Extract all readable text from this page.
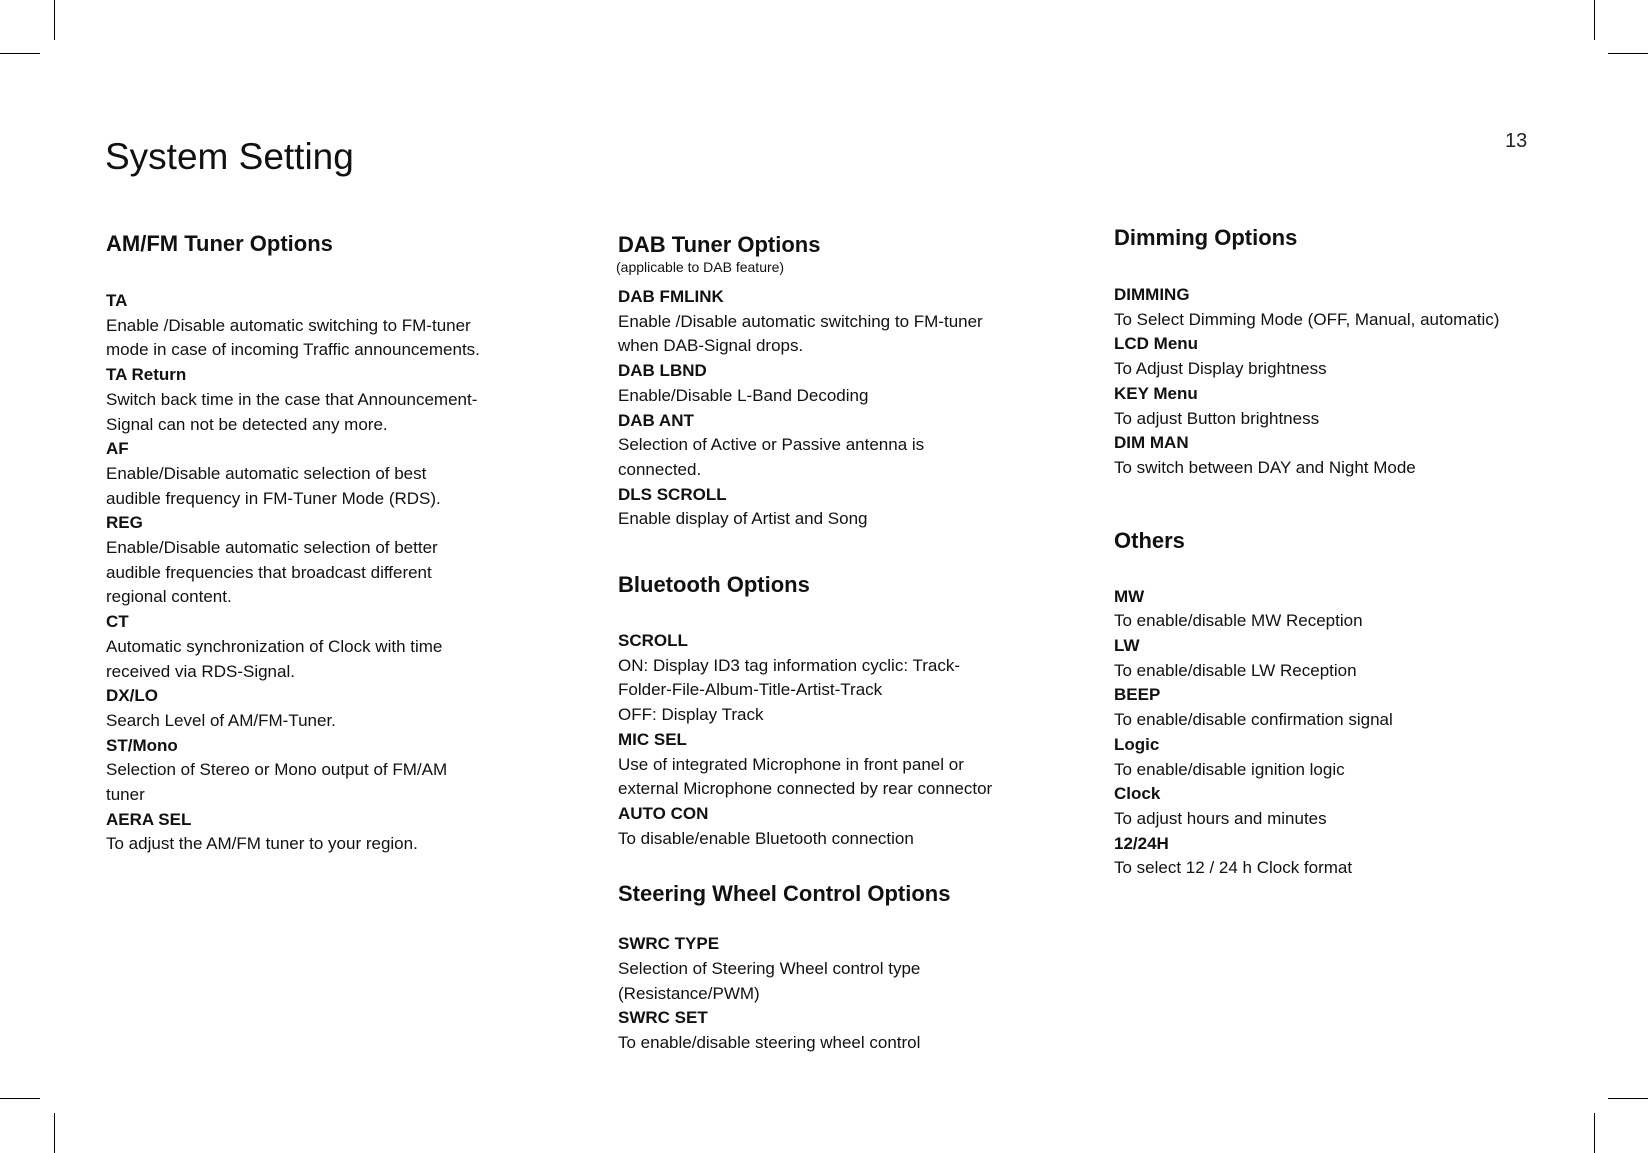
13
System Setting
AM/FM Tuner Options
TA
Enable /Disable automatic switching to FM-tuner
mode in case of incoming Traffic announcements.
TA Return
Switch back time in the case that Announcement-
Signal can not be detected any more.
AF
Enable/Disable automatic selection of best
audible frequency in FM-Tuner Mode (RDS).
REG
Enable/Disable automatic selection of better
audible frequencies that broadcast different
regional content.
CT
Automatic synchronization of Clock with time
received via RDS-Signal.
DX/LO
Search Level of AM/FM-Tuner.
ST/Mono
Selection of Stereo or Mono output of FM/AM
tuner
AERA SEL
To adjust the AM/FM tuner to your region.
DAB Tuner Options
(applicable to DAB feature)
DAB FMLINK
Enable /Disable automatic switching to FM-tuner
when DAB-Signal drops.
DAB LBND
Enable/Disable L-Band Decoding
DAB ANT
Selection of Active or Passive antenna is
connected.
DLS SCROLL
Enable display of Artist and Song
Bluetooth Options
SCROLL
ON: Display ID3 tag information cyclic: Track-
Folder-File-Album-Title-Artist-Track
OFF: Display Track
MIC SEL
Use of integrated Microphone in front panel or
external Microphone connected by rear connector
AUTO CON
To disable/enable Bluetooth connection
Steering Wheel Control Options
SWRC TYPE
Selection of Steering Wheel control type
(Resistance/PWM)
SWRC SET
To enable/disable steering wheel control
Dimming Options
DIMMING
To Select Dimming Mode (OFF, Manual, automatic)
LCD Menu
To Adjust Display brightness
KEY Menu
To adjust Button brightness
DIM MAN
To switch between DAY and Night Mode
Others
MW
To enable/disable MW Reception
LW
To enable/disable LW Reception
BEEP
To enable/disable confirmation signal
Logic
To enable/disable ignition logic
Clock
To adjust hours and minutes
12/24H
To select 12 / 24 h Clock format
